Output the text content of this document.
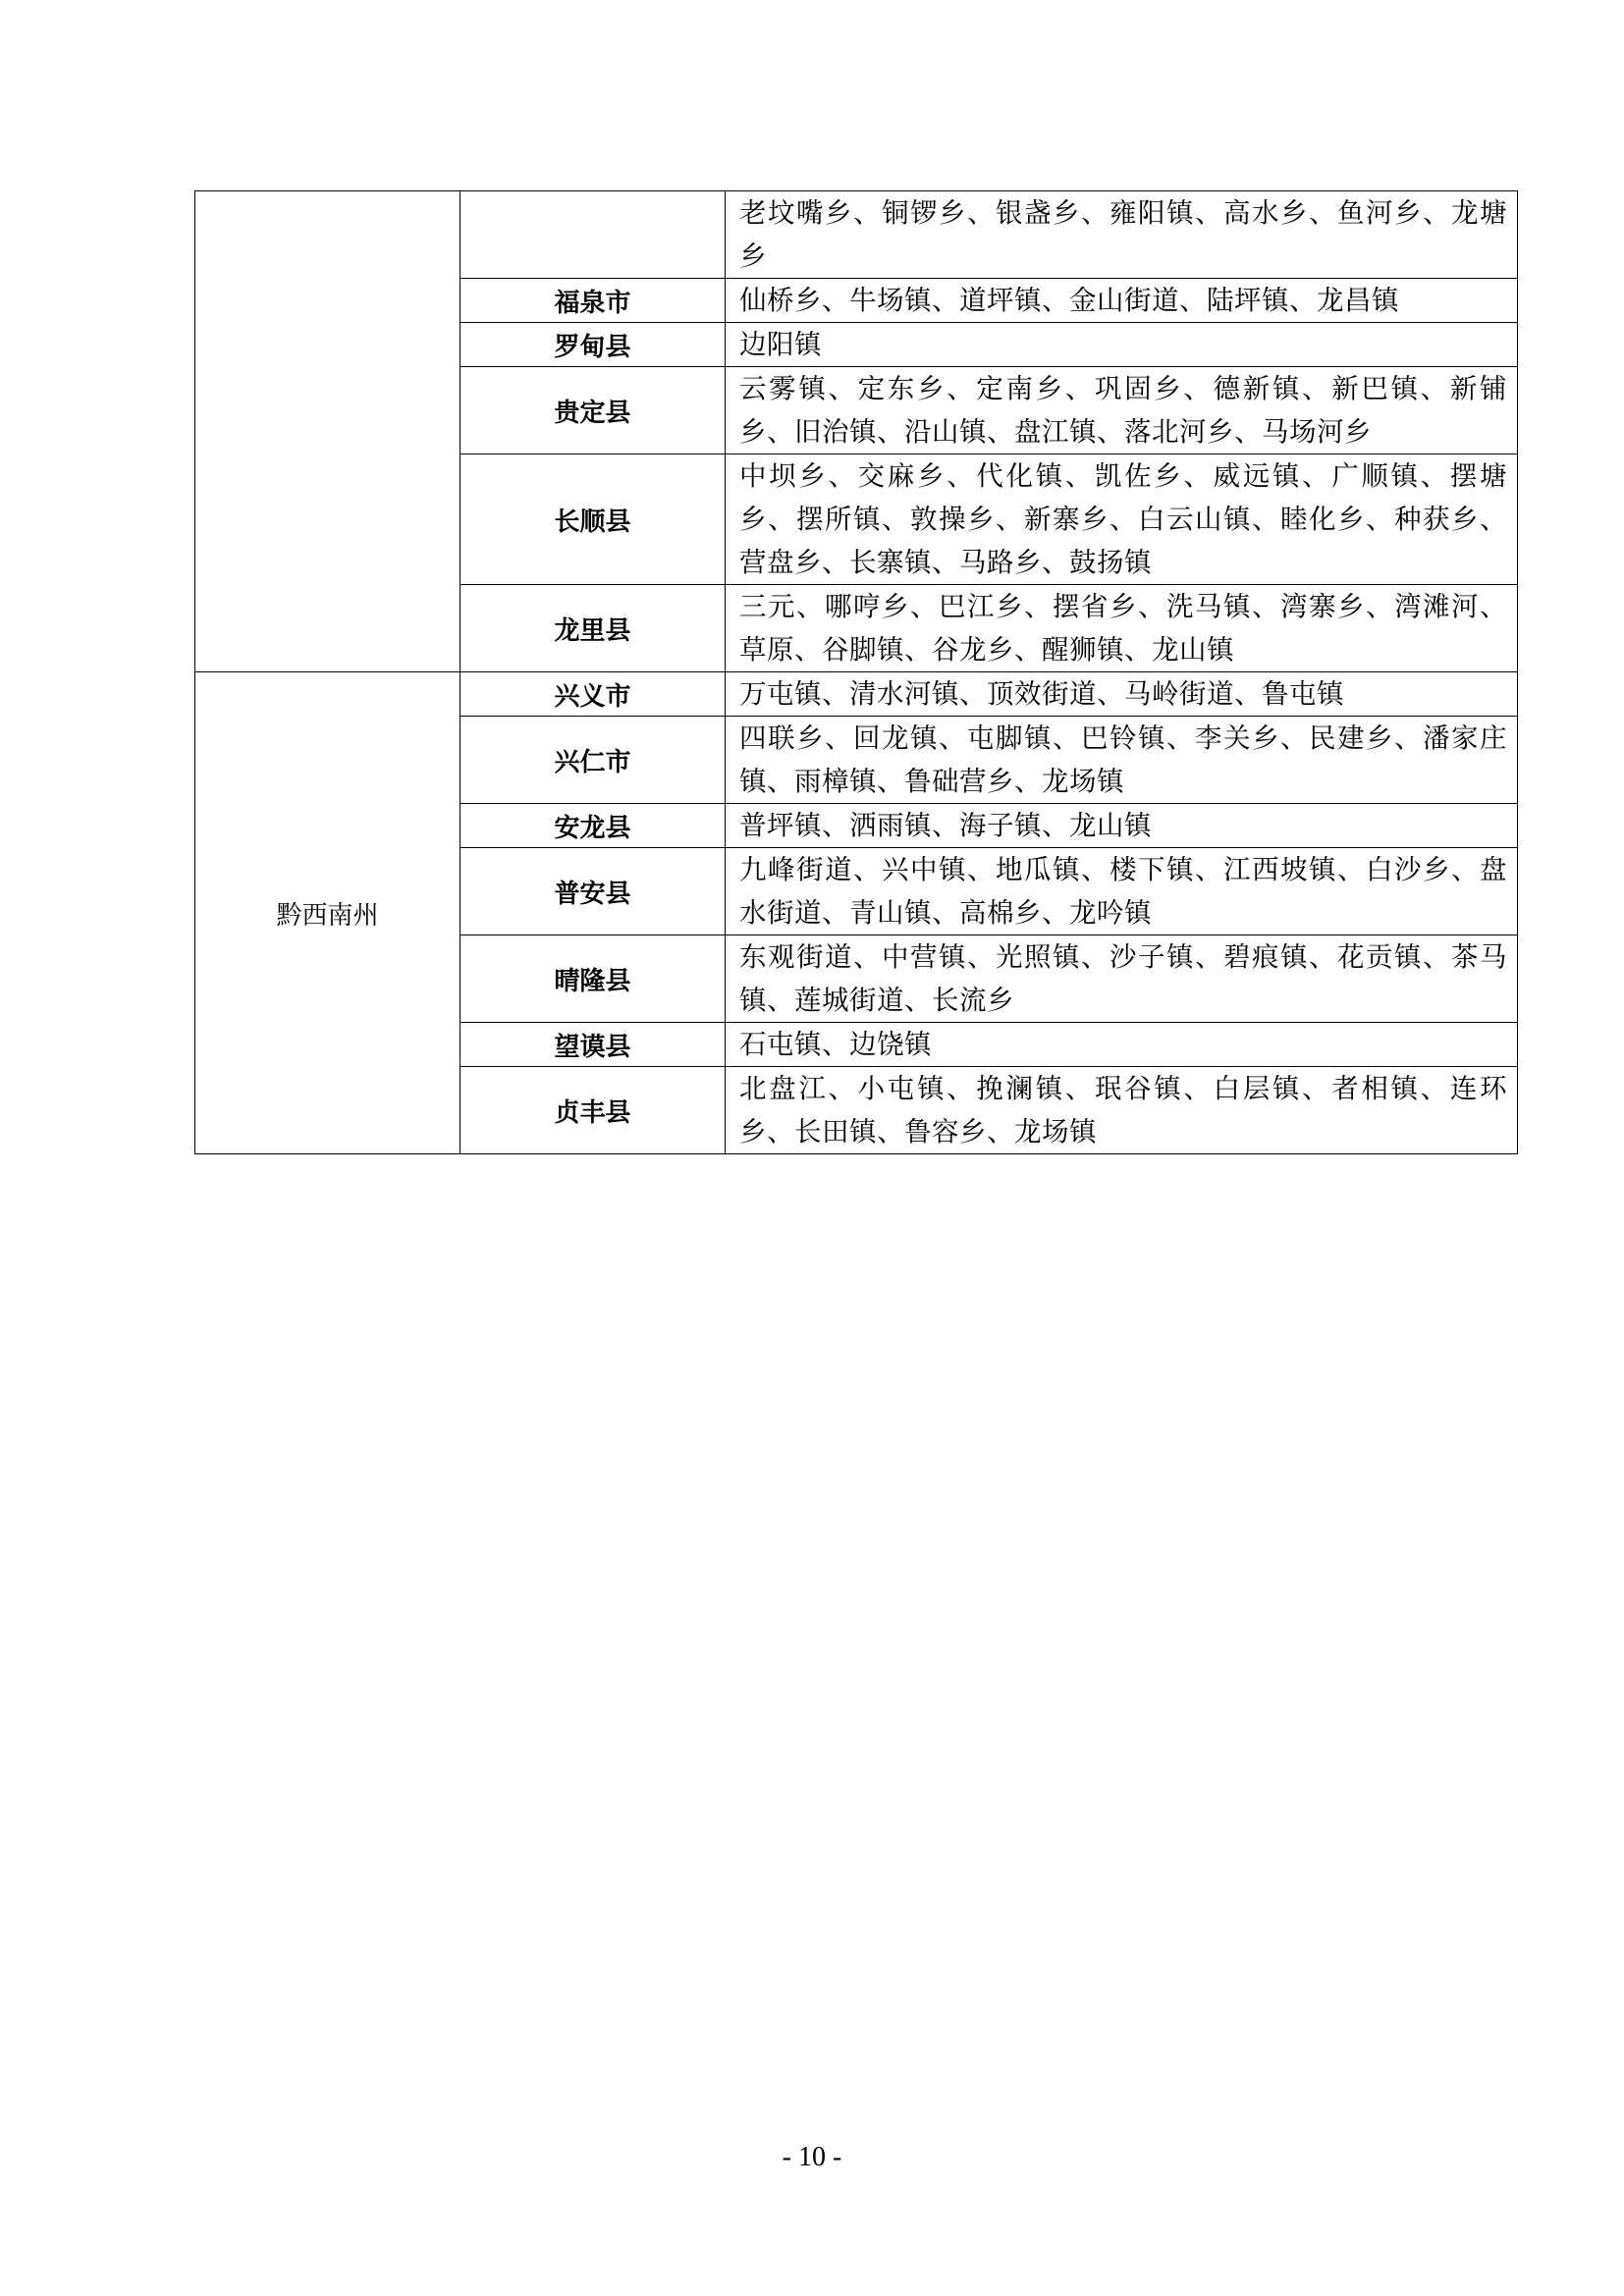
		老坟嘴乡、铜锣乡、银盏乡、雍阳镇、高水乡、鱼河乡、龙塘乡
	福泉市	仙桥乡、牛场镇、道坪镇、金山街道、陆坪镇、龙昌镇
	罗甸县	边阳镇
	贵定县	云雾镇、定东乡、定南乡、巩固乡、德新镇、新巴镇、新铺乡、旧治镇、沿山镇、盘江镇、落北河乡、马场河乡
	长顺县	中坝乡、交麻乡、代化镇、凯佐乡、威远镇、广顺镇、摆塘乡、摆所镇、敦操乡、新寨乡、白云山镇、睦化乡、种获乡、营盘乡、长寨镇、马路乡、鼓扬镇
	龙里县	三元、哪哼乡、巴江乡、摆省乡、洗马镇、湾寨乡、湾滩河、草原、谷脚镇、谷龙乡、醒狮镇、龙山镇
黔西南州	兴义市	万屯镇、清水河镇、顶效街道、马岭街道、鲁屯镇
	兴仁市	四联乡、回龙镇、屯脚镇、巴铃镇、李关乡、民建乡、潘家庄镇、雨樟镇、鲁础营乡、龙场镇
	安龙县	普坪镇、洒雨镇、海子镇、龙山镇
	普安县	九峰街道、兴中镇、地瓜镇、楼下镇、江西坡镇、白沙乡、盘水街道、青山镇、高棉乡、龙吟镇
	晴隆县	东观街道、中营镇、光照镇、沙子镇、碧痕镇、花贡镇、茶马镇、莲城街道、长流乡
	望谟县	石屯镇、边饶镇
	贞丰县	北盘江、小屯镇、挽澜镇、珉谷镇、白层镇、者相镇、连环乡、长田镇、鲁容乡、龙场镇
- 10 -
